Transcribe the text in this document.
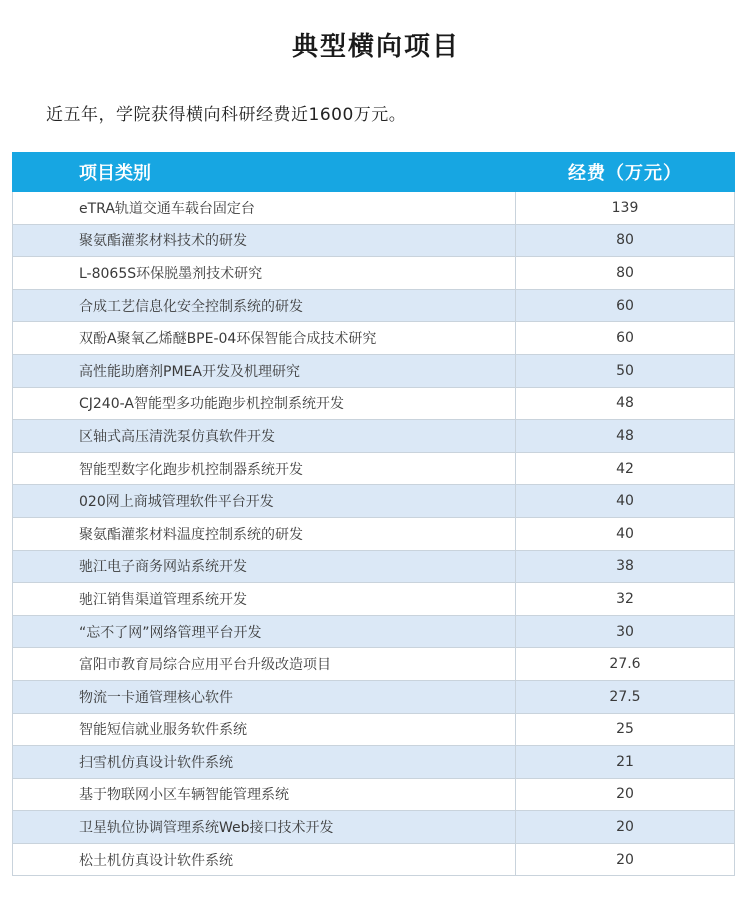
典型横向项目
近五年，学院获得横向科研经费近1600万元。
项目类别	经费（万元）
eTRA轨道交通车载台固定台	139
聚氨酯灌浆材料技术的研发	80
L-8065S环保脱墨剂技术研究	80
合成工艺信息化安全控制系统的研发	60
双酚A聚氧乙烯醚BPE-04环保智能合成技术研究	60
高性能助磨剂PMEA开发及机理研究	50
CJ240-A智能型多功能跑步机控制系统开发	48
区轴式高压清洗泵仿真软件开发	48
智能型数字化跑步机控制器系统开发	42
020网上商城管理软件平台开发	40
聚氨酯灌浆材料温度控制系统的研发	40
驰江电子商务网站系统开发	38
驰江销售渠道管理系统开发	32
“忘不了网”网络管理平台开发	30
富阳市教育局综合应用平台升级改造项目	27.6
物流一卡通管理核心软件	27.5
智能短信就业服务软件系统	25
扫雪机仿真设计软件系统	21
基于物联网小区车辆智能管理系统	20
卫星轨位协调管理系统Web接口技术开发	20
松土机仿真设计软件系统	20
